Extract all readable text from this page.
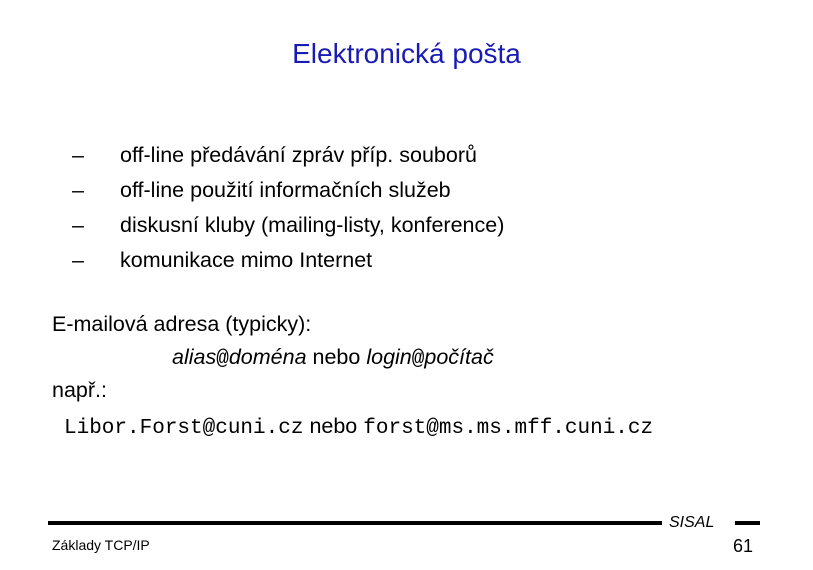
Elektronická pošta
–	off-line předávání zpráv příp. souborů
–	off-line použití informačních služeb
–	diskusní kluby (mailing-listy, konference)
–	komunikace mimo Internet
E-mailová adresa (typicky):
alias@doména nebo login@počítač
např.:
Libor.Forst@cuni.cz nebo forst@ms.ms.mff.cuni.cz
SISAL
Základy TCP/IP	61
